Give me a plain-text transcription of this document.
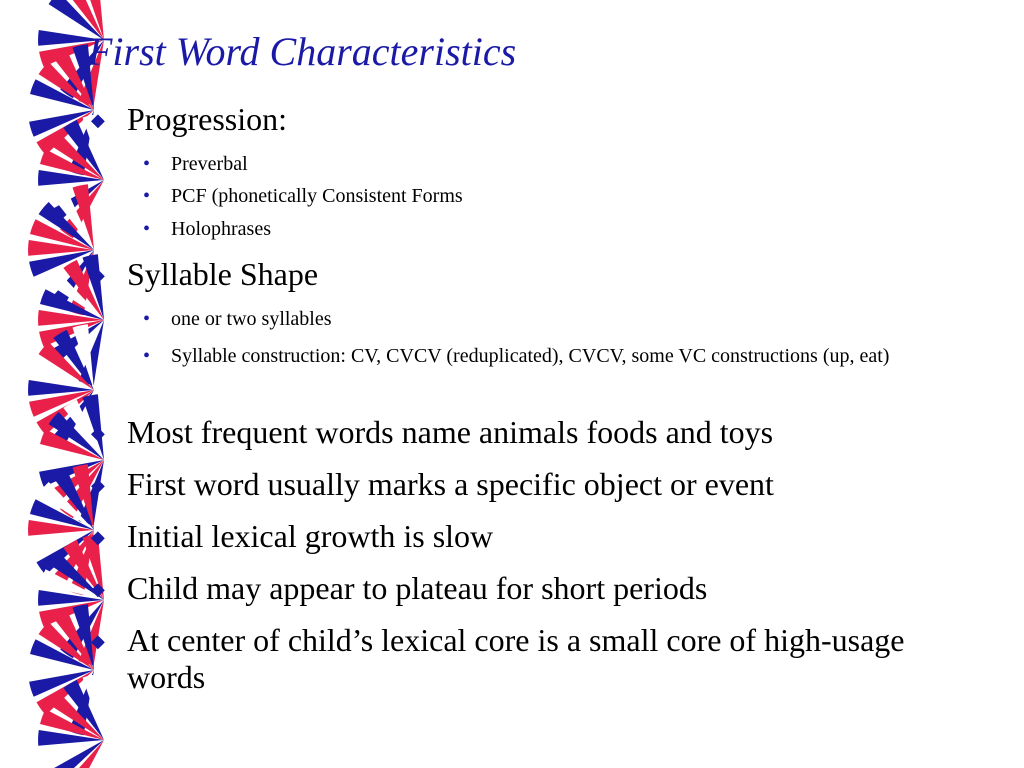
First Word Characteristics
◆ Progression:
• Preverbal
• PCF (phonetically Consistent Forms
• Holophrases
◆ Syllable Shape
• one or two syllables
• Syllable construction: CV, CVCV (reduplicated), CVCV, some VC constructions (up, eat)
◆ Most frequent words name animals foods and toys
◆ First word usually marks a specific object or event
◆ Initial lexical growth is slow
◆ Child may appear to plateau for short periods
◆ At center of child’s lexical core is a small core of high-usage words
